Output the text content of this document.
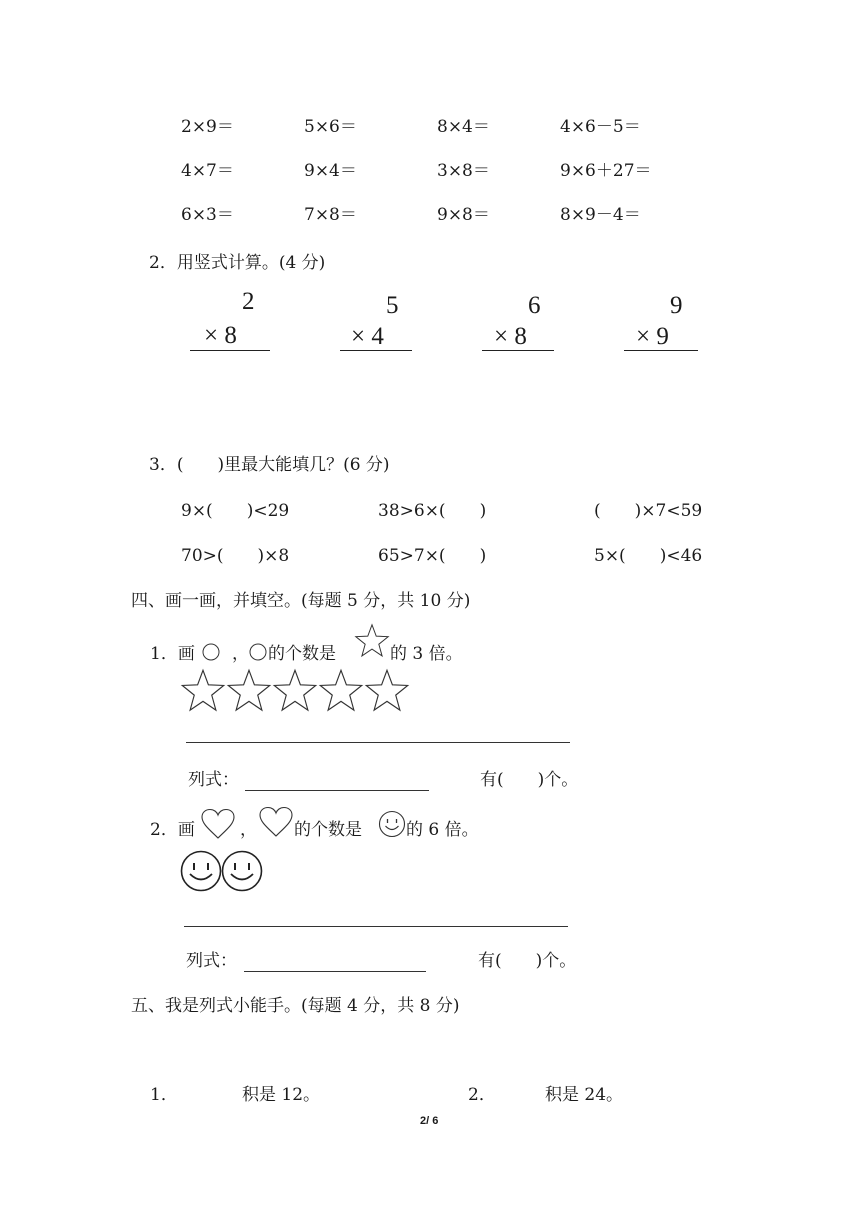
2×9＝	5×6＝	8×4＝	4×6－5＝
4×7＝	9×4＝	3×8＝	9×6＋27＝
6×3＝	7×8＝	9×8＝	8×9－4＝
2．用竖式计算。(4 分)
2
× 8
5
× 4
6
× 8
9
× 9
3．(　　)里最大能填几？(6 分)
9×(　　)<29	38>6×(　　)	(　　)×7<59
70>(　　)×8	65>7×(　　)	5×(　　)<46
四、画一画，并填空。(每题 5 分，共 10 分)
1．画 ， 的个数是	的 3 倍。
列式：	有(　　)个。
2．画	， 的个数是	的 6 倍。
列式：	有(　　)个。
五、我是列式小能手。(每题 4 分，共 8 分)
1．	积是 12。	2．	积是 24。
2/ 6
